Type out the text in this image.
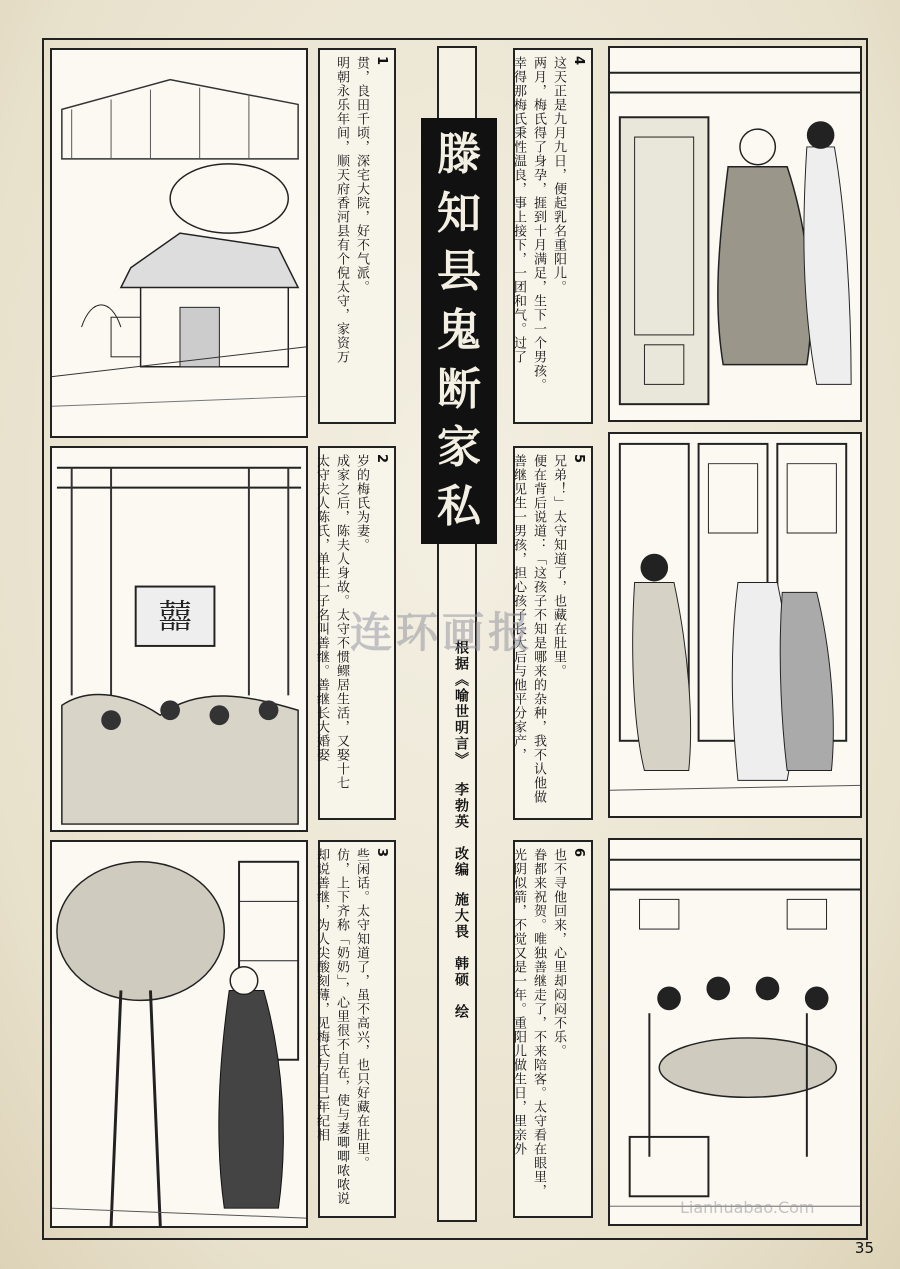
囍
1
贯，良田千顷，深宅大院，好不气派。
明朝永乐年间，顺天府香河县有个倪太守，家资万
2
岁的梅氏为妻。
成家之后，陈夫人身故。太守不惯鳏居生活，又娶十七
太守夫人陈氏，单生一子名叫善继。善继长大婚娶
3
些闲话。太守知道了，虽不高兴，也只好藏在肚里。
仿，上下齐称「奶奶」，心里很不自在，使与妻唧唧哝哝说
却说善继，为人尖酸刻薄，见梅氏与自己年纪相
4
这天正是九月九日，便起乳名重阳儿。
两月，梅氏得了身孕，捱到十月满足，生下一个男孩。
幸得那梅氏秉性温良，事上接下，一团和气。过了
5
兄弟！」太守知道了，也藏在肚里。
便在背后说道：「这孩子不知是哪来的杂种，我不认他做
善继见生一男孩，担心孩子长大后与他平分家产，
6
也不寻他回来，心里却闷闷不乐。
眷都来祝贺。唯独善继走了，不来陪客。太守看在眼里，
光阴似箭，不觉又是一年。重阳儿做生日，里亲外
滕
知
县
鬼
断
家
私
根据《喻世明言》
李勃英　改编
施大畏　韩硕　绘
连环画报
Lianhuabao.Com
35
